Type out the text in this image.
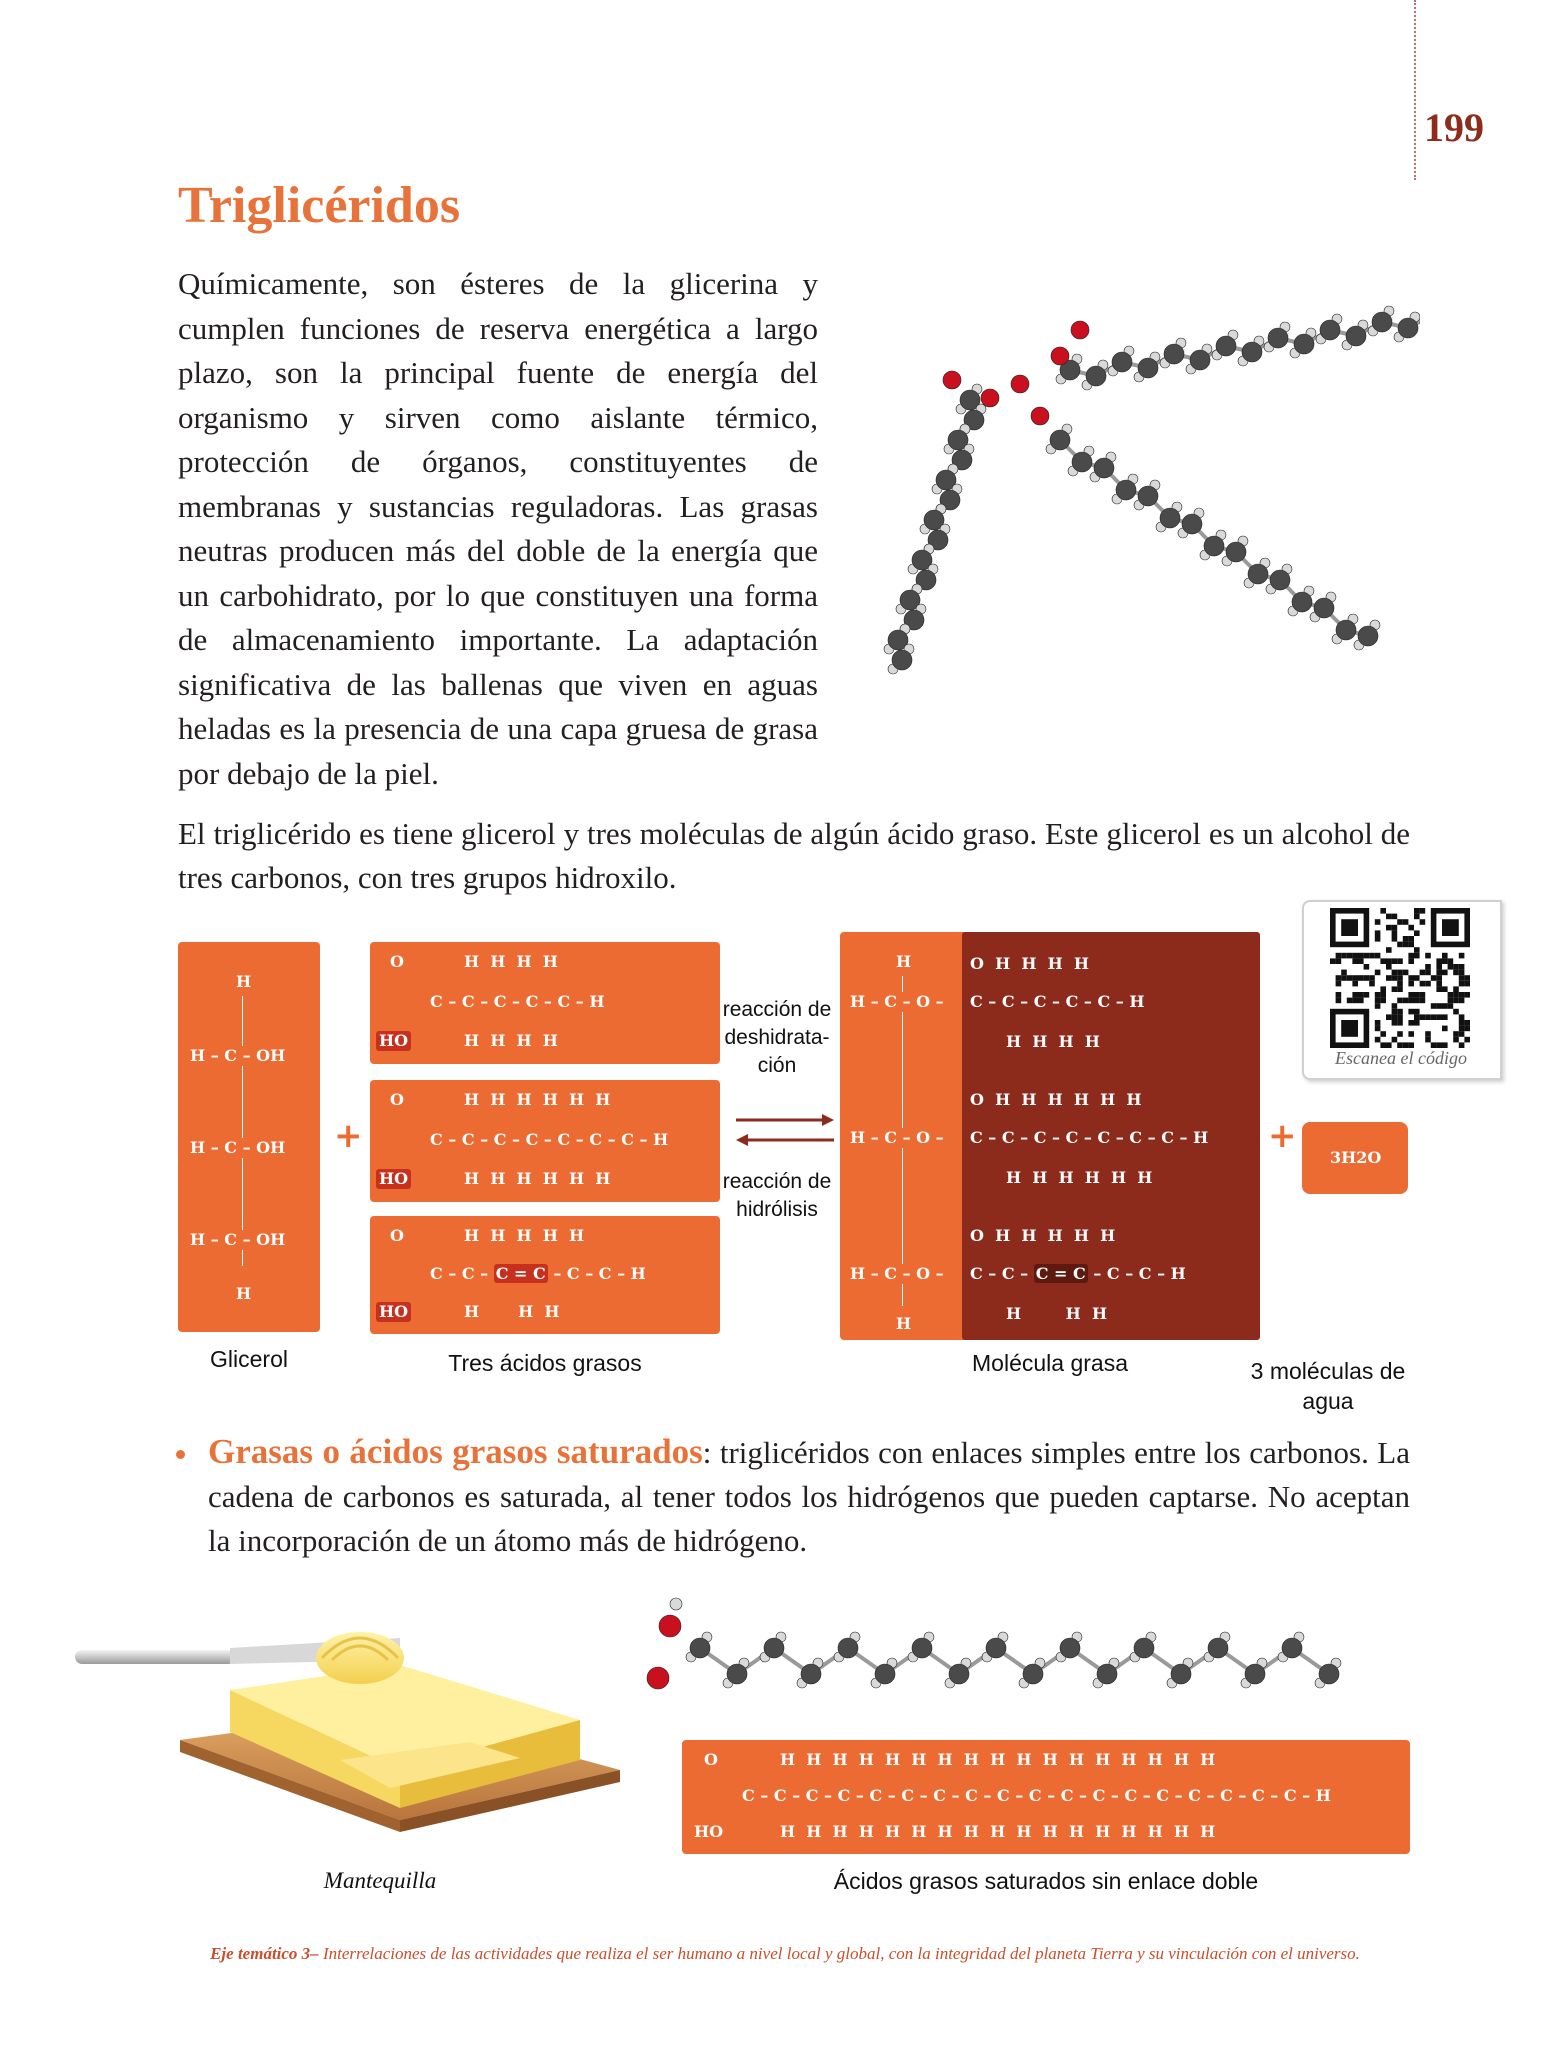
199
Triglicéridos
Químicamente, son ésteres de la glicerina y cumplen funciones de reserva energética a largo plazo, son la principal fuente de energía del organismo y sirven como aislante térmico, protección de órganos, constituyentes de membranas y sustancias reguladoras. Las grasas neutras producen más del doble de la energía que un carbohidrato, por lo que constituyen una forma de almacenamiento importante. La adaptación significativa de las ballenas que viven en aguas heladas es la presencia de una capa gruesa de grasa por debajo de la piel.
El triglicérido es tiene glicerol y tres moléculas de algún ácido graso. Este glicerol es un alcohol de tres carbonos, con tres grupos hidroxilo.
Escanea el código
H
H – C – OH
H – C – OH
H – C – OH
H
Glicerol
+
O	H  H  H  H
C – C – C – C – C – H
HO	H  H  H  H
O	H  H  H  H  H  H
C – C – C – C – C – C – C – H
HO	H  H  H  H  H  H
O	H  H  H  H  H
C – C – C = C – C – C – H
HO	H       H  H
Tres ácidos grasos
reacción de deshidrata-ción
reacción de hidrólisis
H
H – C – O –
H – C – O –
H – C – O –
H
O  H  H  H  H
C – C – C – C – C – H
H  H  H  H
O  H  H  H  H  H  H
C – C – C – C – C – C – C – H
H  H  H  H  H  H
O  H  H  H  H  H
C – C – C = C – C – C – H
H        H  H
Molécula grasa
+
3H2O
3 moléculas de agua
Grasas o ácidos grasos saturados: triglicéridos con enlaces simples entre los carbonos. La cadena de carbonos es saturada, al tener todos los hidrógenos que pueden captarse. No aceptan la incorporación de un átomo más de hidrógeno.
Mantequilla
O	H  H  H  H  H  H  H  H  H  H  H  H  H  H  H  H  H
C – C – C – C – C – C – C – C – C – C – C – C – C – C – C – C – C – C – H
HO	H  H  H  H  H  H  H  H  H  H  H  H  H  H  H  H  H
Ácidos grasos saturados sin enlace doble
Eje temático 3– Interrelaciones de las actividades que realiza el ser humano a nivel local y global, con la integridad del planeta Tierra y su vinculación con el universo.
